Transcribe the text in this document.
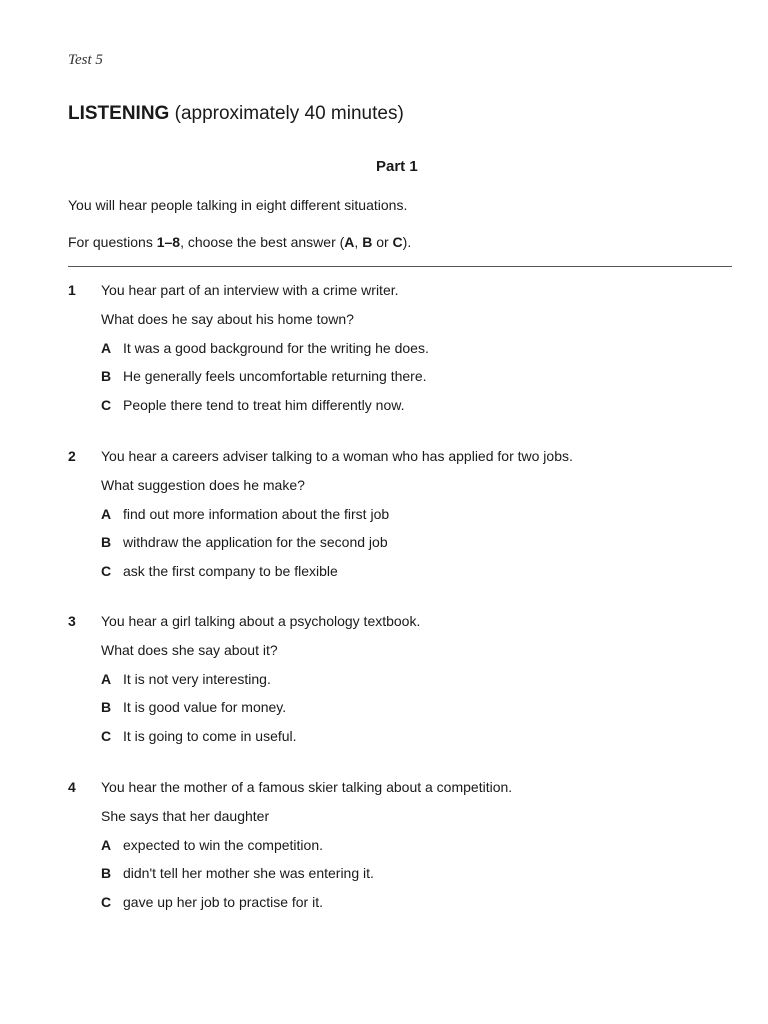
Test 5
LISTENING (approximately 40 minutes)
Part 1
You will hear people talking in eight different situations.
For questions 1–8, choose the best answer (A, B or C).
1 You hear part of an interview with a crime writer.
What does he say about his home town?
A It was a good background for the writing he does.
B He generally feels uncomfortable returning there.
C People there tend to treat him differently now.
2 You hear a careers adviser talking to a woman who has applied for two jobs.
What suggestion does he make?
A find out more information about the first job
B withdraw the application for the second job
C ask the first company to be flexible
3 You hear a girl talking about a psychology textbook.
What does she say about it?
A It is not very interesting.
B It is good value for money.
C It is going to come in useful.
4 You hear the mother of a famous skier talking about a competition.
She says that her daughter
A expected to win the competition.
B didn't tell her mother she was entering it.
C gave up her job to practise for it.
